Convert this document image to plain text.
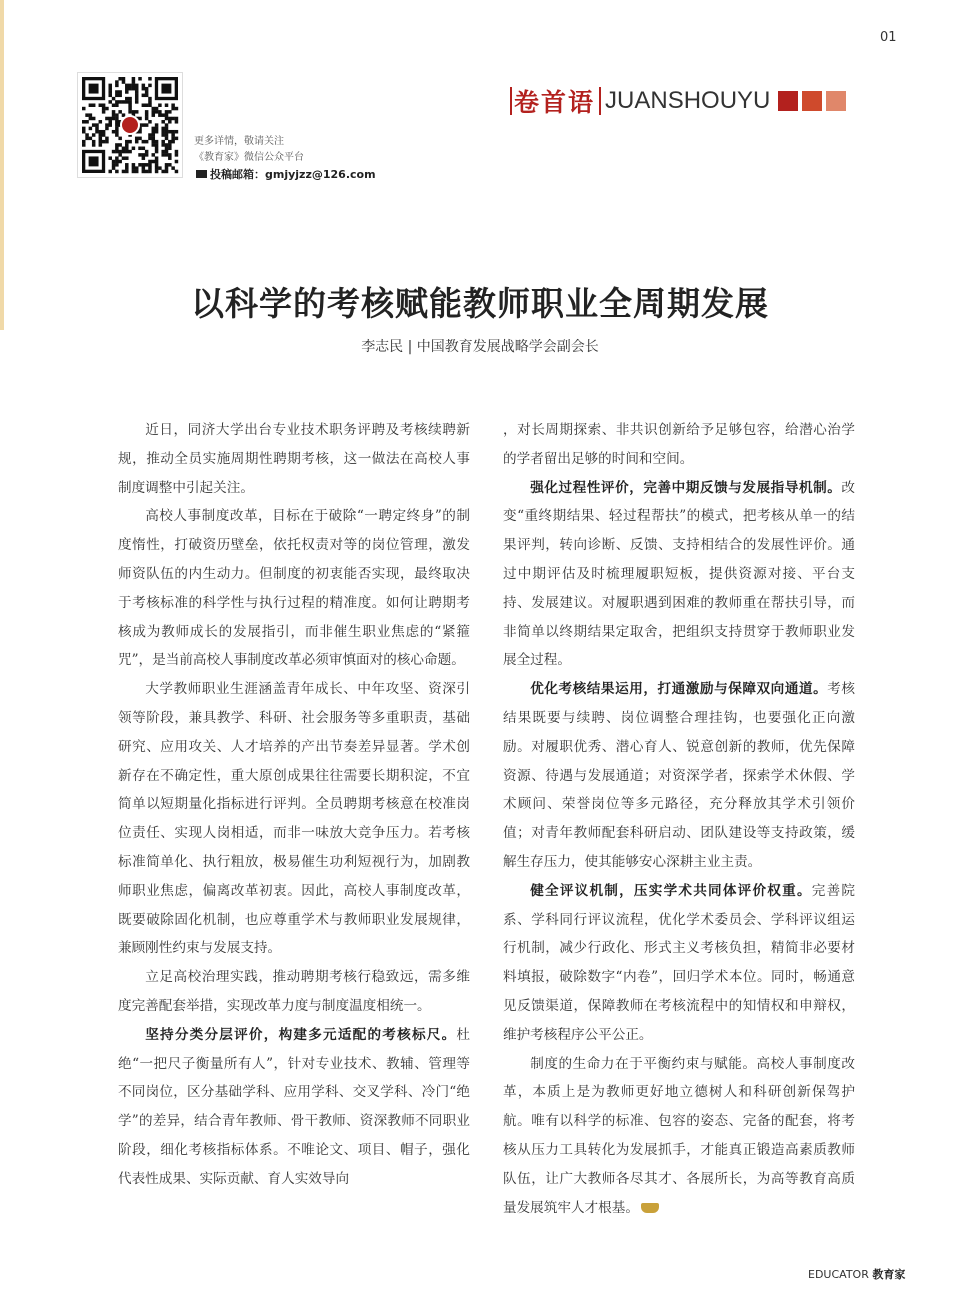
01
更多详情，敬请关注
《教育家》微信公众平台
投稿邮箱：gmjyjzz@126.com
卷首语 JUANSHOUYU
以科学的考核赋能教师职业全周期发展
李志民 | 中国教育发展战略学会副会长

近日，同济大学出台专业技术职务评聘及考核续聘新规，推动全员实施周期性聘期考核，这一做法在高校人事制度调整中引起关注。

高校人事制度改革，目标在于破除“一聘定终身”的制度惰性，打破资历壁垒，依托权责对等的岗位管理，激发师资队伍的内生动力。但制度的初衷能否实现，最终取决于考核标准的科学性与执行过程的精准度。如何让聘期考核成为教师成长的发展指引，而非催生职业焦虑的“紧箍咒”，是当前高校人事制度改革必须审慎面对的核心命题。

大学教师职业生涯涵盖青年成长、中年攻坚、资深引领等阶段，兼具教学、科研、社会服务等多重职责，基础研究、应用攻关、人才培养的产出节奏差异显著。学术创新存在不确定性，重大原创成果往往需要长期积淀，不宜简单以短期量化指标进行评判。全员聘期考核意在校准岗位责任、实现人岗相适，而非一味放大竞争压力。若考核标准简单化、执行粗放，极易催生功利短视行为，加剧教师职业焦虑，偏离改革初衷。因此，高校人事制度改革，既要破除固化机制，也应尊重学术与教师职业发展规律，兼顾刚性约束与发展支持。

立足高校治理实践，推动聘期考核行稳致远，需多维度完善配套举措，实现改革力度与制度温度相统一。

坚持分类分层评价，构建多元适配的考核标尺。杜绝“一把尺子衡量所有人”，针对专业技术、教辅、管理等不同岗位，区分基础学科、应用学科、交叉学科、冷门“绝学”的差异，结合青年教师、骨干教师、资深教师不同职业阶段，细化考核指标体系。不唯论文、项目、帽子，强化代表性成果、实际贡献、育人实效导向

，对长周期探索、非共识创新给予足够包容，给潜心治学的学者留出足够的时间和空间。

强化过程性评价，完善中期反馈与发展指导机制。改变“重终期结果、轻过程帮扶”的模式，把考核从单一的结果评判，转向诊断、反馈、支持相结合的发展性评价。通过中期评估及时梳理履职短板，提供资源对接、平台支持、发展建议。对履职遇到困难的教师重在帮扶引导，而非简单以终期结果定取舍，把组织支持贯穿于教师职业发展全过程。

优化考核结果运用，打通激励与保障双向通道。考核结果既要与续聘、岗位调整合理挂钩，也要强化正向激励。对履职优秀、潜心育人、锐意创新的教师，优先保障资源、待遇与发展通道；对资深学者，探索学术休假、学术顾问、荣誉岗位等多元路径，充分释放其学术引领价值；对青年教师配套科研启动、团队建设等支持政策，缓解生存压力，使其能够安心深耕主业主责。

健全评议机制，压实学术共同体评价权重。完善院系、学科同行评议流程，优化学术委员会、学科评议组运行机制，减少行政化、形式主义考核负担，精简非必要材料填报，破除数字“内卷”，回归学术本位。同时，畅通意见反馈渠道，保障教师在考核流程中的知情权和申辩权，维护考核程序公平公正。

制度的生命力在于平衡约束与赋能。高校人事制度改革，本质上是为教师更好地立德树人和科研创新保驾护航。唯有以科学的标准、包容的姿态、完备的配套，将考核从压力工具转化为发展抓手，才能真正锻造高素质教师队伍，让广大教师各尽其才、各展所长，为高等教育高质量发展筑牢人才根基。

EDUCATOR 教育家
